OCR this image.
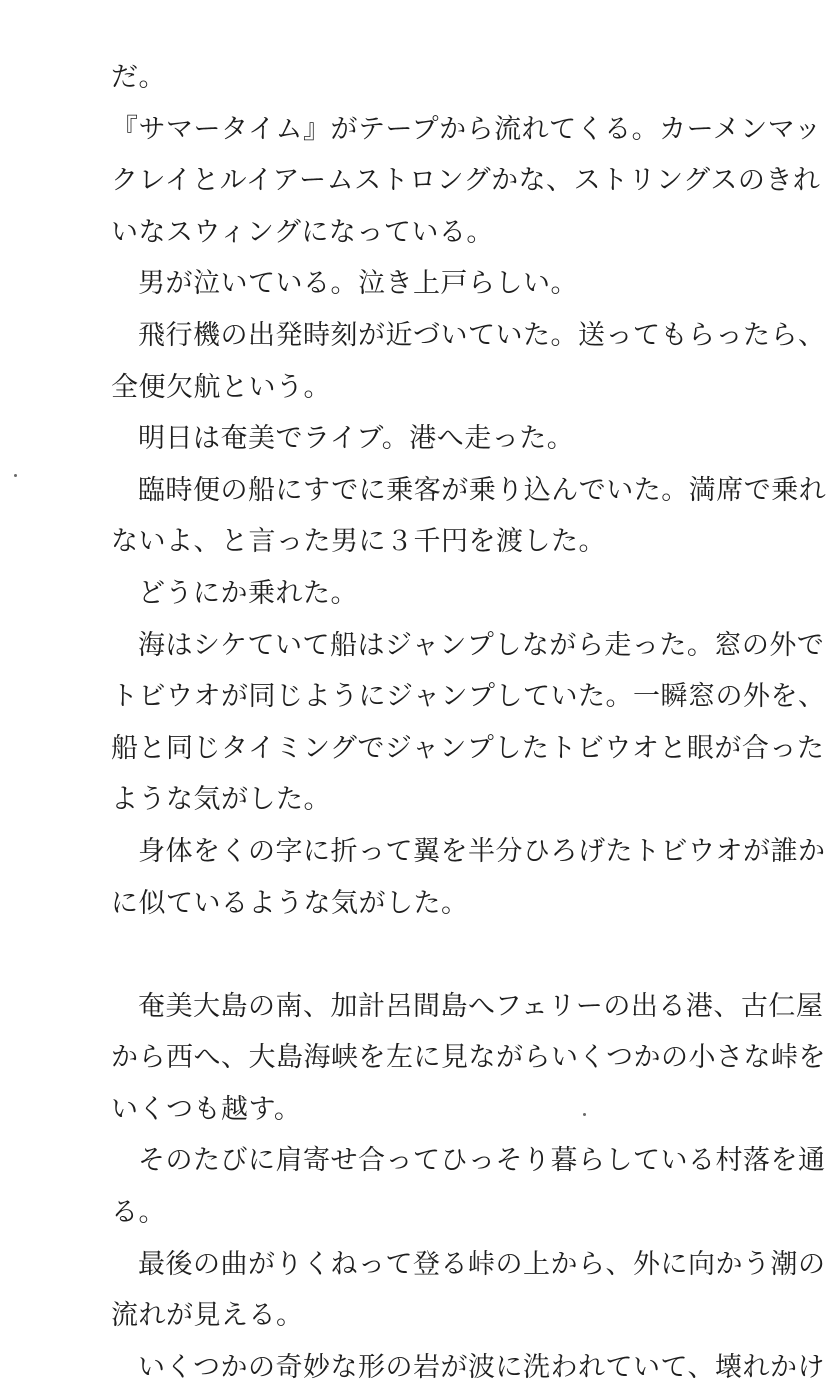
だ。
『サマータイム』がテープから流れてくる。カーメンマッ
クレイとルイアームストロングかな、ストリングスのきれ
いなスウィングになっている。
男が泣いている。泣き上戸らしい。
飛行機の出発時刻が近づいていた。送ってもらったら、
全便欠航という。
明日は奄美でライブ。港へ走った。
臨時便の船にすでに乗客が乗り込んでいた。満席で乗れ
ないよ、と言った男に３千円を渡した。
どうにか乗れた。
海はシケていて船はジャンプしながら走った。窓の外で
トビウオが同じようにジャンプしていた。一瞬窓の外を、
船と同じタイミングでジャンプしたトビウオと眼が合った
ような気がした。
身体をくの字に折って翼を半分ひろげたトビウオが誰か
に似ているような気がした。
奄美大島の南、加計呂間島へフェリーの出る港、古仁屋
から西へ、大島海峡を左に見ながらいくつかの小さな峠を
いくつも越す。
そのたびに肩寄せ合ってひっそり暮らしている村落を通
る。
最後の曲がりくねって登る峠の上から、外に向かう潮の
流れが見える。
いくつかの奇妙な形の岩が波に洗われていて、壊れかけ
